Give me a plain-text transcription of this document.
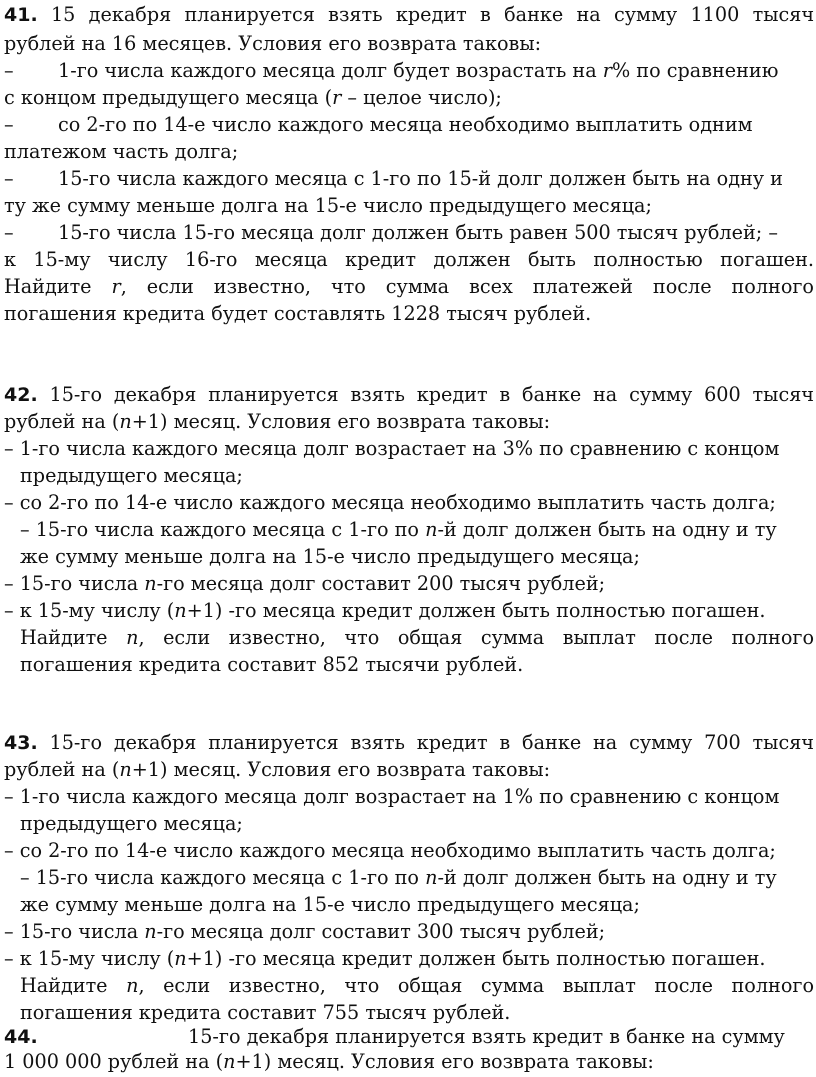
41. 15 декабря планируется взять кредит в банке на сумму 1100 тысяч
рублей на 16 месяцев. Условия его возврата таковы:
– 1-го числа каждого месяца долг будет возрастать на r% по сравнению
с концом предыдущего месяца (r – целое число);
– со 2-го по 14-е число каждого месяца необходимо выплатить одним
платежом часть долга;
– 15-го числа каждого месяца с 1-го по 15-й долг должен быть на одну и
ту же сумму меньше долга на 15-е число предыдущего месяца;
– 15-го числа 15-го месяца долг должен быть равен 500 тысяч рублей; –
к 15-му числу 16-го месяца кредит должен быть полностью погашен.
Найдите r, если известно, что сумма всех платежей после полного
погашения кредита будет составлять 1228 тысяч рублей.
42. 15-го декабря планируется взять кредит в банке на сумму 600 тысяч
рублей на (n+1) месяц. Условия его возврата таковы:
– 1-го числа каждого месяца долг возрастает на 3% по сравнению с концом
предыдущего месяца;
– со 2-го по 14-е число каждого месяца необходимо выплатить часть долга;
– 15-го числа каждого месяца с 1-го по n-й долг должен быть на одну и ту
же сумму меньше долга на 15-е число предыдущего месяца;
– 15-го числа n-го месяца долг составит 200 тысяч рублей;
– к 15-му числу (n+1) -го месяца кредит должен быть полностью погашен.
Найдите n, если известно, что общая сумма выплат после полного
погашения кредита составит 852 тысячи рублей.
43. 15-го декабря планируется взять кредит в банке на сумму 700 тысяч
рублей на (n+1) месяц. Условия его возврата таковы:
– 1-го числа каждого месяца долг возрастает на 1% по сравнению с концом
предыдущего месяца;
– со 2-го по 14-е число каждого месяца необходимо выплатить часть долга;
– 15-го числа каждого месяца с 1-го по n-й долг должен быть на одну и ту
же сумму меньше долга на 15-е число предыдущего месяца;
– 15-го числа n-го месяца долг составит 300 тысяч рублей;
– к 15-му числу (n+1) -го месяца кредит должен быть полностью погашен.
Найдите n, если известно, что общая сумма выплат после полного
погашения кредита составит 755 тысяч рублей.
44.	15-го декабря планируется взять кредит в банке на сумму
1 000 000 рублей на (n+1) месяц. Условия его возврата таковы:
